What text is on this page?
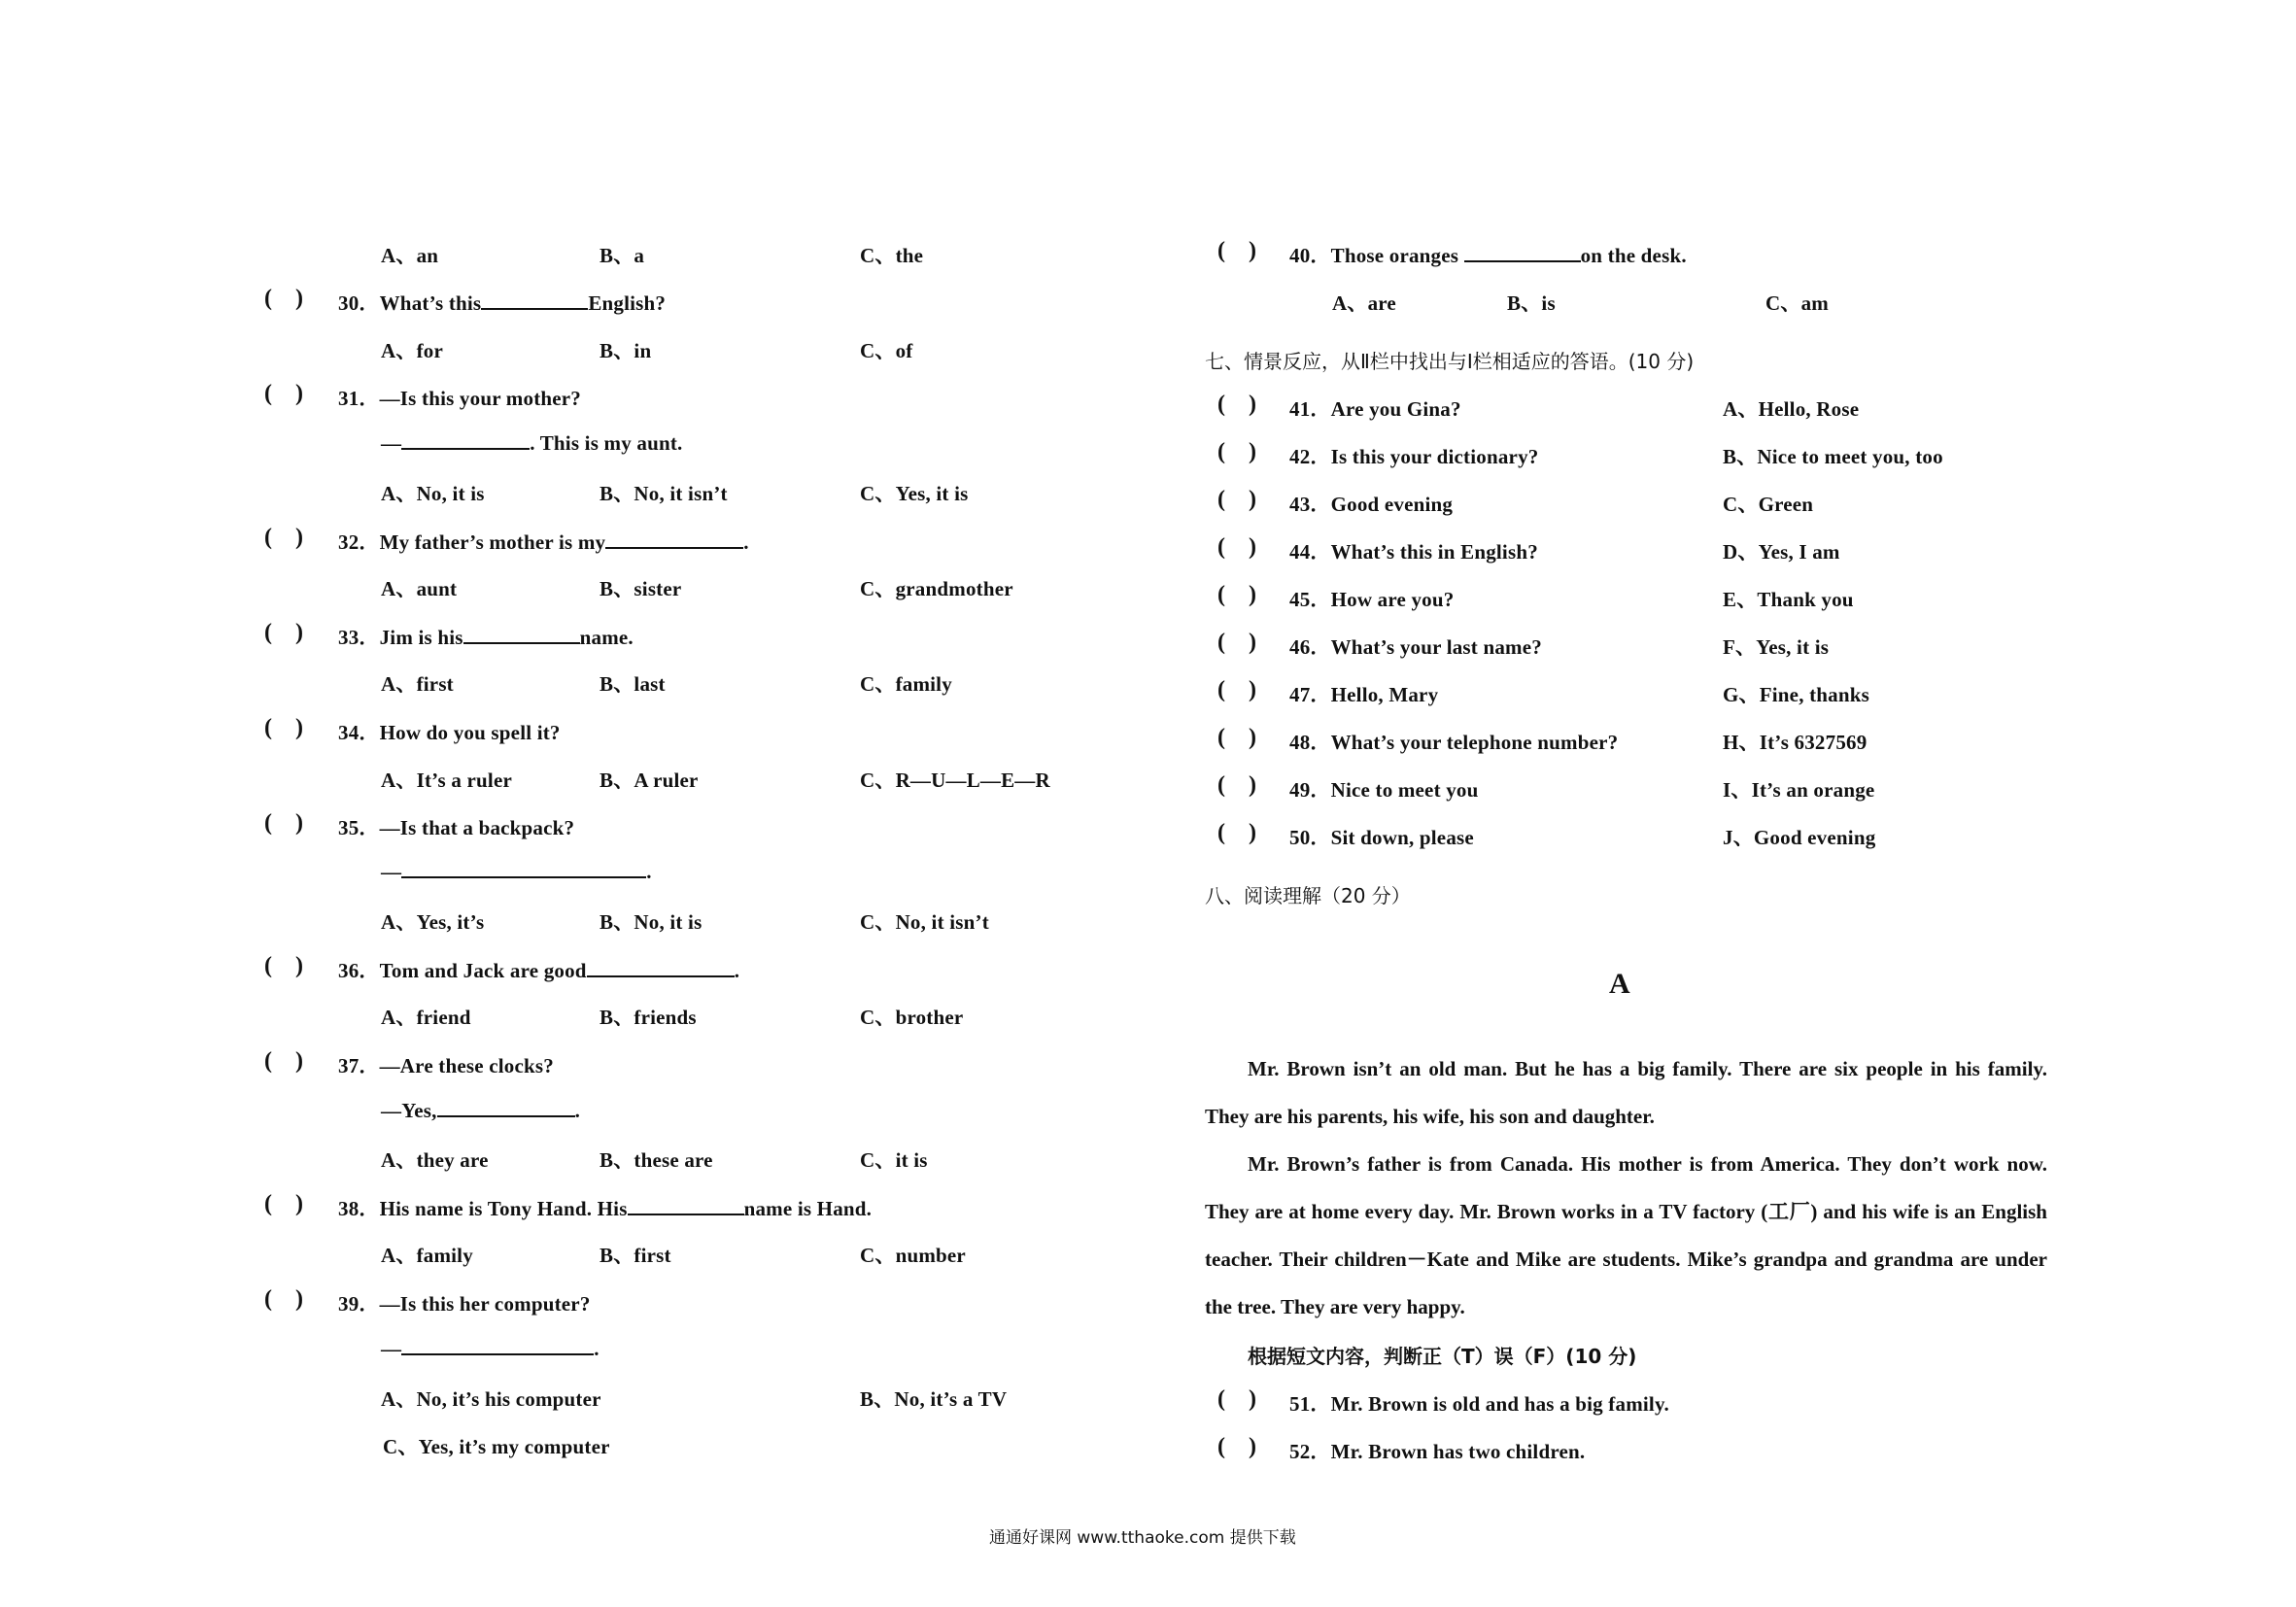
A、an	B、a	C、the
(    ) 30．What’s this	English?
A、for	B、in	C、of
(    ) 31．—Is this your mother?
—	. This is my aunt.
A、No, it is	B、No, it isn’t	C、Yes, it is
(    ) 32．My father’s mother is my	.
A、aunt	B、sister	C、grandmother
(    ) 33．Jim is his	name.
A、first	B、last	C、family
(    ) 34．How do you spell it?
A、It’s a ruler	B、A ruler	C、R—U—L—E—R
(    ) 35．—Is that a backpack?
—	.
A、Yes, it’s	B、No, it is	C、No, it isn’t
(    ) 36．Tom and Jack are good	.
A、friend	B、friends	C、brother
(    ) 37．—Are these clocks?
—Yes,	.
A、they are	B、these are	C、it is
(    ) 38．His name is Tony Hand. His	name is Hand.
A、family	B、first	C、number
(    ) 39．—Is this her computer?
—	.
A、No, it’s his computer	B、No, it’s a TV
C、Yes, it’s my computer
(    ) 40．Those oranges	on the desk.
A、are	B、is	C、am
七、情景反应，从Ⅱ栏中找出与Ⅰ栏相适应的答语。(10 分)
(    ) 41．Are you Gina?	A、Hello, Rose
(    ) 42．Is this your dictionary?	B、Nice to meet you, too
(    ) 43．Good evening	C、Green
(    ) 44．What’s this in English?	D、Yes, I am
(    ) 45．How are you?	E、Thank you
(    ) 46．What’s your last name?	F、Yes, it is
(    ) 47．Hello, Mary	G、Fine, thanks
(    ) 48．What’s your telephone number?	H、It’s 6327569
(    ) 49．Nice to meet you	I、It’s an orange
(    ) 50．Sit down, please	J、Good evening
八、阅读理解（20 分）
A
Mr. Brown isn’t an old man. But he has a big family. There are six people in his family. They are his parents, his wife, his son and daughter.
Mr. Brown’s father is from Canada. His mother is from America. They don’t work now. They are at home every day. Mr. Brown works in a TV factory (工厂) and his wife is an English teacher. Their children－Kate and Mike are students. Mike’s grandpa and grandma are under the tree. They are very happy.
根据短文内容，判断正（T）误（F）(10 分)
(    ) 51．Mr. Brown is old and has a big family.
(    ) 52．Mr. Brown has two children.
通通好课网 www.tthaoke.com 提供下载
